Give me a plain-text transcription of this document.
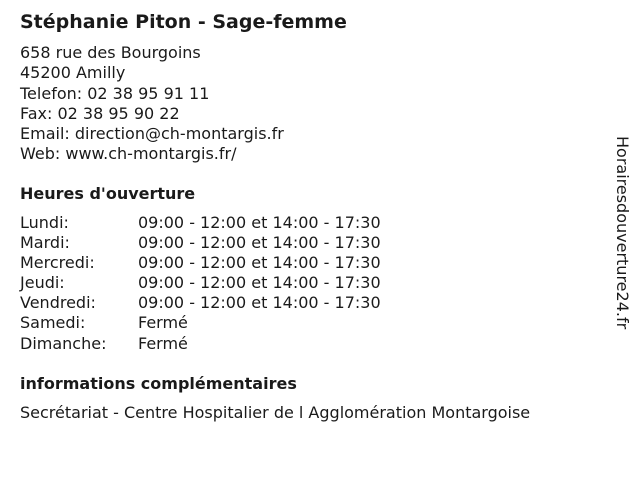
Stéphanie Piton - Sage-femme
658 rue des Bourgoins
45200 Amilly
Telefon: 02 38 95 91 11
Fax: 02 38 95 90 22
Email: direction@ch-montargis.fr
Web: www.ch-montargis.fr/
Heures d'ouverture
Lundi:	09:00 - 12:00 et 14:00 - 17:30
Mardi:	09:00 - 12:00 et 14:00 - 17:30
Mercredi:	09:00 - 12:00 et 14:00 - 17:30
Jeudi:	09:00 - 12:00 et 14:00 - 17:30
Vendredi:	09:00 - 12:00 et 14:00 - 17:30
Samedi:	Fermé
Dimanche:	Fermé
informations complémentaires
Secrétariat - Centre Hospitalier de l Agglomération Montargoise
Horairesdouverture24.fr
